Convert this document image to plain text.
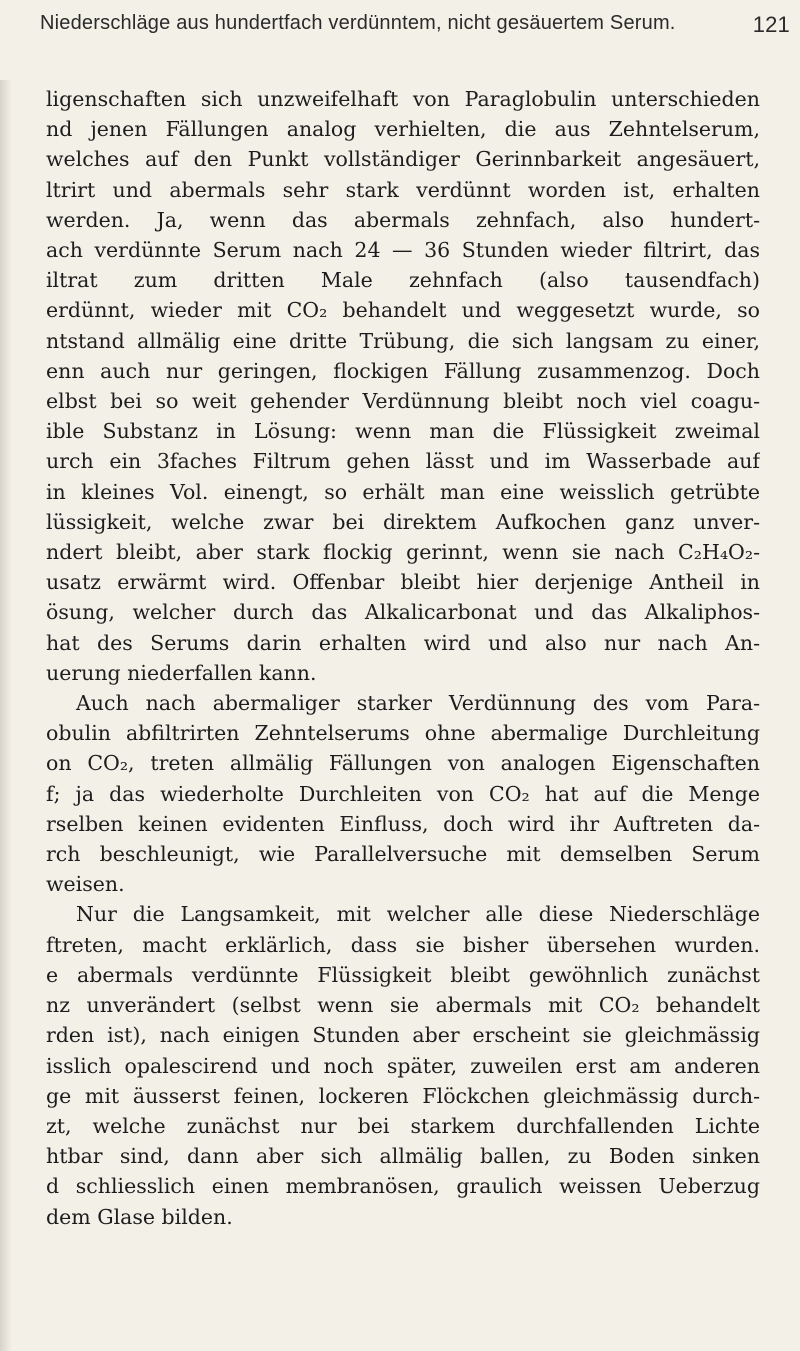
Niederschläge aus hundertfach verdünntem, nicht gesäuertem Serum.	121
ligenschaften sich unzweifelhaft von Paraglobulin unterschieden
nd jenen Fällungen analog verhielten, die aus Zehntelserum,
welches auf den Punkt vollständiger Gerinnbarkeit angesäuert,
ltrirt und abermals sehr stark verdünnt worden ist, erhalten
werden. Ja, wenn das abermals zehnfach, also hundert-
ach verdünnte Serum nach 24 — 36 Stunden wieder filtrirt, das
iltrat zum dritten Male zehnfach (also tausendfach)
erdünnt, wieder mit CO₂ behandelt und weggesetzt wurde, so
ntstand allmälig eine dritte Trübung, die sich langsam zu einer,
enn auch nur geringen, flockigen Fällung zusammenzog. Doch
elbst bei so weit gehender Verdünnung bleibt noch viel coagu-
ible Substanz in Lösung: wenn man die Flüssigkeit zweimal
urch ein 3faches Filtrum gehen lässt und im Wasserbade auf
in kleines Vol. einengt, so erhält man eine weisslich getrübte
lüssigkeit, welche zwar bei direktem Aufkochen ganz unver-
ndert bleibt, aber stark flockig gerinnt, wenn sie nach C₂H₄O₂-
usatz erwärmt wird. Offenbar bleibt hier derjenige Antheil in
ösung, welcher durch das Alkalicarbonat und das Alkaliphos-
hat des Serums darin erhalten wird und also nur nach An-
uerung niederfallen kann.
Auch nach abermaliger starker Verdünnung des vom Para-
obulin abfiltrirten Zehntelserums ohne abermalige Durchleitung
on CO₂, treten allmälig Fällungen von analogen Eigenschaften
f; ja das wiederholte Durchleiten von CO₂ hat auf die Menge
rselben keinen evidenten Einfluss, doch wird ihr Auftreten da-
rch beschleunigt, wie Parallelversuche mit demselben Serum
weisen.
Nur die Langsamkeit, mit welcher alle diese Niederschläge
ftreten, macht erklärlich, dass sie bisher übersehen wurden.
e abermals verdünnte Flüssigkeit bleibt gewöhnlich zunächst
nz unverändert (selbst wenn sie abermals mit CO₂ behandelt
rden ist), nach einigen Stunden aber erscheint sie gleichmässig
isslich opalescirend und noch später, zuweilen erst am anderen
ge mit äusserst feinen, lockeren Flöckchen gleichmässig durch-
zt, welche zunächst nur bei starkem durchfallenden Lichte
htbar sind, dann aber sich allmälig ballen, zu Boden sinken
d schliesslich einen membranösen, graulich weissen Ueberzug
dem Glase bilden.
